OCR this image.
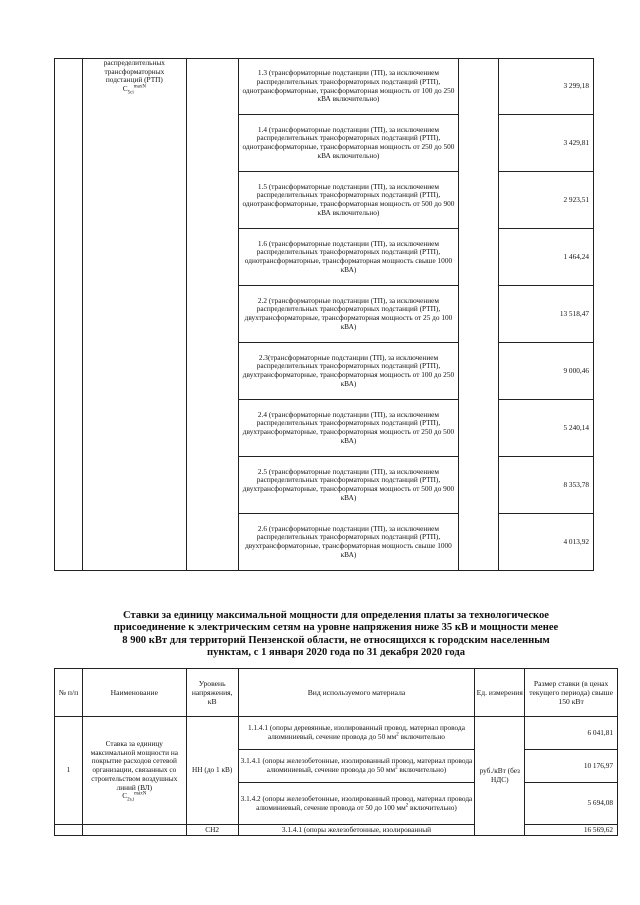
	распределительных
трансформаторных
подстанций (РТП)
$C_{5сі}^{maxN}$		1.3 (трансформаторные подстанции (ТП), за исключением распределительных трансформаторных подстанций (РТП), однотрансформаторные, трансформаторная мощность от 100 до 250 кВА включительно)		3 299,18
			1.4 (трансформаторные подстанции (ТП), за исключением распределительных трансформаторных подстанций (РТП), однотрансформаторные, трансформаторная мощность от 250 до 500 кВА включительно)		3 429,81
			1.5 (трансформаторные подстанции (ТП), за исключением распределительных трансформаторных подстанций (РТП), однотрансформаторные, трансформаторная мощность от 500 до 900 кВА включительно)		2 923,51
			1.6 (трансформаторные подстанции (ТП), за исключением распределительных трансформаторных подстанций (РТП), однотрансформаторные, трансформаторная мощность свыше 1000 кВА)		1 464,24
			2.2 (трансформаторные подстанции (ТП), за исключением распределительных трансформаторных подстанций (РТП), двухтрансформаторные, трансформаторная мощность от 25 до 100 кВА)		13 518,47
			2.3(трансформаторные подстанции (ТП), за исключением распределительных трансформаторных подстанций (РТП), двухтрансформаторные, трансформаторная мощность от 100 до 250 кВА)		9 000,46
			2.4 (трансформаторные подстанции (ТП), за исключением распределительных трансформаторных подстанций (РТП), двухтрансформаторные, трансформаторная мощность от 250 до 500 кВА)		5 240,14
			2.5 (трансформаторные подстанции (ТП), за исключением распределительных трансформаторных подстанций (РТП), двухтрансформаторные, трансформаторная мощность от 500 до 900 кВА)		8 353,78
			2.6 (трансформаторные подстанции (ТП), за исключением распределительных трансформаторных подстанций (РТП), двухтрансформаторные, трансформаторная мощность свыше 1000 кВА)		4 013,92
Ставки за единицу максимальной мощности для определения платы за технологическое
присоединение к электрическим сетям на уровне напряжения ниже 35 кВ и мощности менее
8 900 кВт для территорий Пензенской области, не относящихся к городским населенным
пунктам, с 1 января 2020 года по 31 декабря 2020 года
№ п/п	Наименование	Уровень напряжения, кВ	Вид используемого материала	Ед. измерения	Размер ставки (в ценах текущего периода) свыше 150 кВт
1	Ставка за единицу максимальной мощности на покрытие расходов сетевой организации, связанных со строительством воздушных линий (ВЛ)
$C_{2s,i}^{maxN}$	НН (до 1 кВ)	1.1.4.1 (опоры деревянные, изолированный провод, материал провода алюминиевый, сечение провода до 50 $мм^2$ включительно	руб./кВт (без НДС)	6 041,81
			3.1.4.1 (опоры железобетонные, изолированный провод, материал провода алюминиевый, сечение провода до 50 $мм^2$ включительно)		10 176,97
			3.1.4.2 (опоры железобетонные, изолированный провод, материал провода алюминиевый, сечение провода от 50 до 100 $мм^2$ включительно)		5 694,08
		СН2	3.1.4.1 (опоры железобетонные, изолированный		16 569,62
